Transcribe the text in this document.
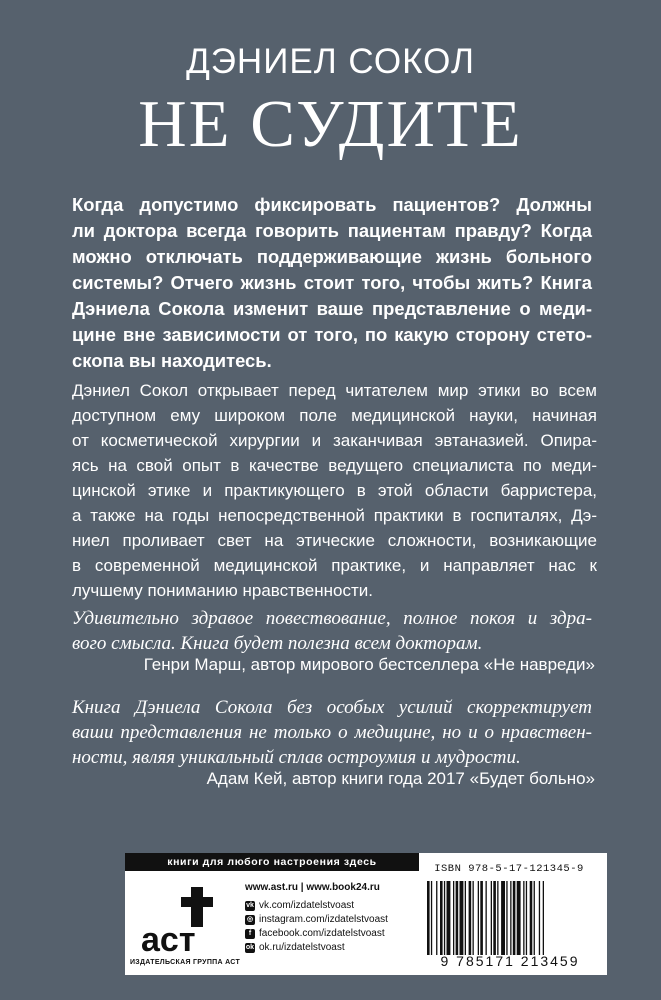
ДЭНИЕЛ СОКОЛ
НЕ СУДИТЕ
Когда допустимо фиксировать пациентов? Должны
ли доктора всегда говорить пациентам правду? Когда
можно отключать поддерживающие жизнь больного
системы? Отчего жизнь стоит того, чтобы жить? Книга
Дэниела Сокола изменит ваше представление о меди-
цине вне зависимости от того, по какую сторону стето-
скопа вы находитесь.
Дэниел Сокол открывает перед читателем мир этики во всем
доступном ему широком поле медицинской науки, начиная
от косметической хирургии и заканчивая эвтаназией. Опира-
ясь на свой опыт в качестве ведущего специалиста по меди-
цинской этике и практикующего в этой области барристера,
а также на годы непосредственной практики в госпиталях, Дэ-
ниел проливает свет на этические сложности, возникающие
в современной медицинской практике, и направляет нас к
лучшему пониманию нравственности.
Удивительно здравое повествование, полное покоя и здра-
вого смысла. Книга будет полезна всем докторам.
Генри Марш, автор мирового бестселлера «Не навреди»
Книга Дэниела Сокола без особых усилий скорректирует
ваши представления не только о медицине, но и о нравствен-
ности, являя уникальный сплав остроумия и мудрости.
Адам Кей, автор книги года 2017 «Будет больно»
книги для любого настроения здесь
аст
ИЗДАТЕЛЬСКАЯ ГРУППА АСТ
www.ast.ru | www.book24.ru
vk vk.com/izdatelstvoast
◎ instagram.com/izdatelstvoast
f facebook.com/izdatelstvoast
ok ok.ru/izdatelstvoast
ISBN 978-5-17-121345-9
9 785171 213459
